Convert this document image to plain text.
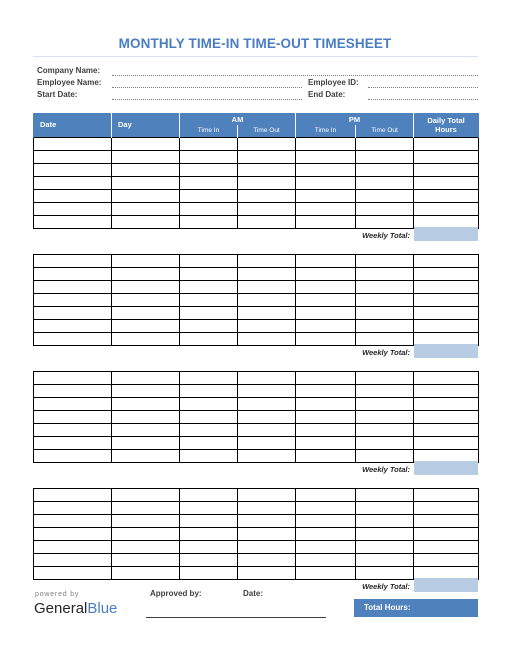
MONTHLY TIME-IN TIME-OUT TIMESHEET
Company Name:
Employee Name:
Start Date:
Employee ID:
End Date:
Date	Day	AM		PM		Daily Total
Hours
		Time In	Time Out	Time In	Time Out	

Weekly Total:

Weekly Total:

Weekly Total:

Weekly Total:
powered by
GeneralBlue
Approved by:	Date:
Total Hours:
